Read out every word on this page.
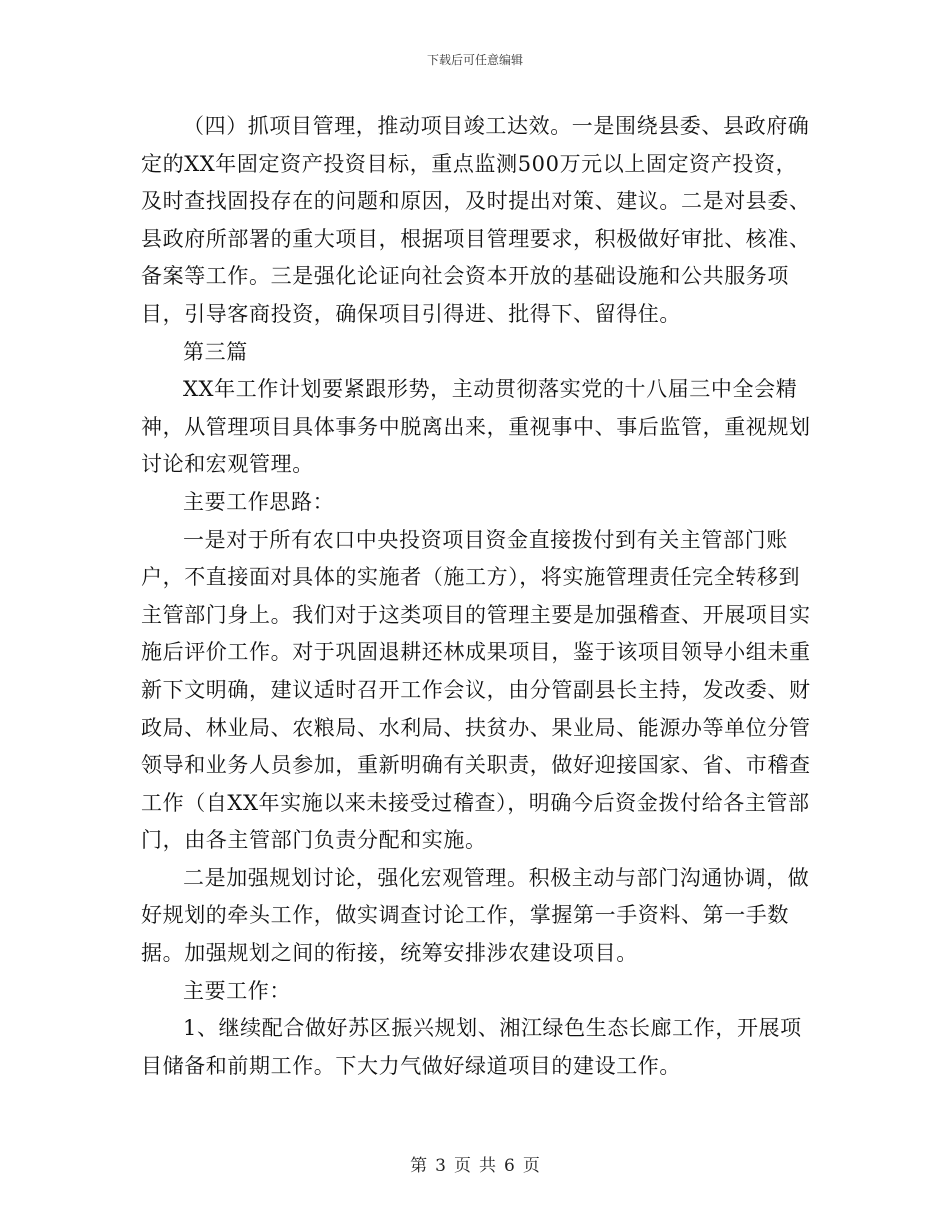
下载后可任意编辑

（四）抓项目管理，推动项目竣工达效。一是围绕县委、县政府确定的XX年固定资产投资目标，重点监测500万元以上固定资产投资，及时查找固投存在的问题和原因，及时提出对策、建议。二是对县委、县政府所部署的重大项目，根据项目管理要求，积极做好审批、核准、备案等工作。三是强化论证向社会资本开放的基础设施和公共服务项目，引导客商投资，确保项目引得进、批得下、留得住。

第三篇

XX年工作计划要紧跟形势，主动贯彻落实党的十八届三中全会精神，从管理项目具体事务中脱离出来，重视事中、事后监管，重视规划讨论和宏观管理。

主要工作思路：

一是对于所有农口中央投资项目资金直接拨付到有关主管部门账户，不直接面对具体的实施者（施工方），将实施管理责任完全转移到主管部门身上。我们对于这类项目的管理主要是加强稽查、开展项目实施后评价工作。对于巩固退耕还林成果项目，鉴于该项目领导小组未重新下文明确，建议适时召开工作会议，由分管副县长主持，发改委、财政局、林业局、农粮局、水利局、扶贫办、果业局、能源办等单位分管领导和业务人员参加，重新明确有关职责，做好迎接国家、省、市稽查工作（自XX年实施以来未接受过稽查），明确今后资金拨付给各主管部门，由各主管部门负责分配和实施。

二是加强规划讨论，强化宏观管理。积极主动与部门沟通协调，做好规划的牵头工作，做实调查讨论工作，掌握第一手资料、第一手数据。加强规划之间的衔接，统筹安排涉农建设项目。

主要工作：

1、继续配合做好苏区振兴规划、湘江绿色生态长廊工作，开展项目储备和前期工作。下大力气做好绿道项目的建设工作。

第 3 页 共 6 页
